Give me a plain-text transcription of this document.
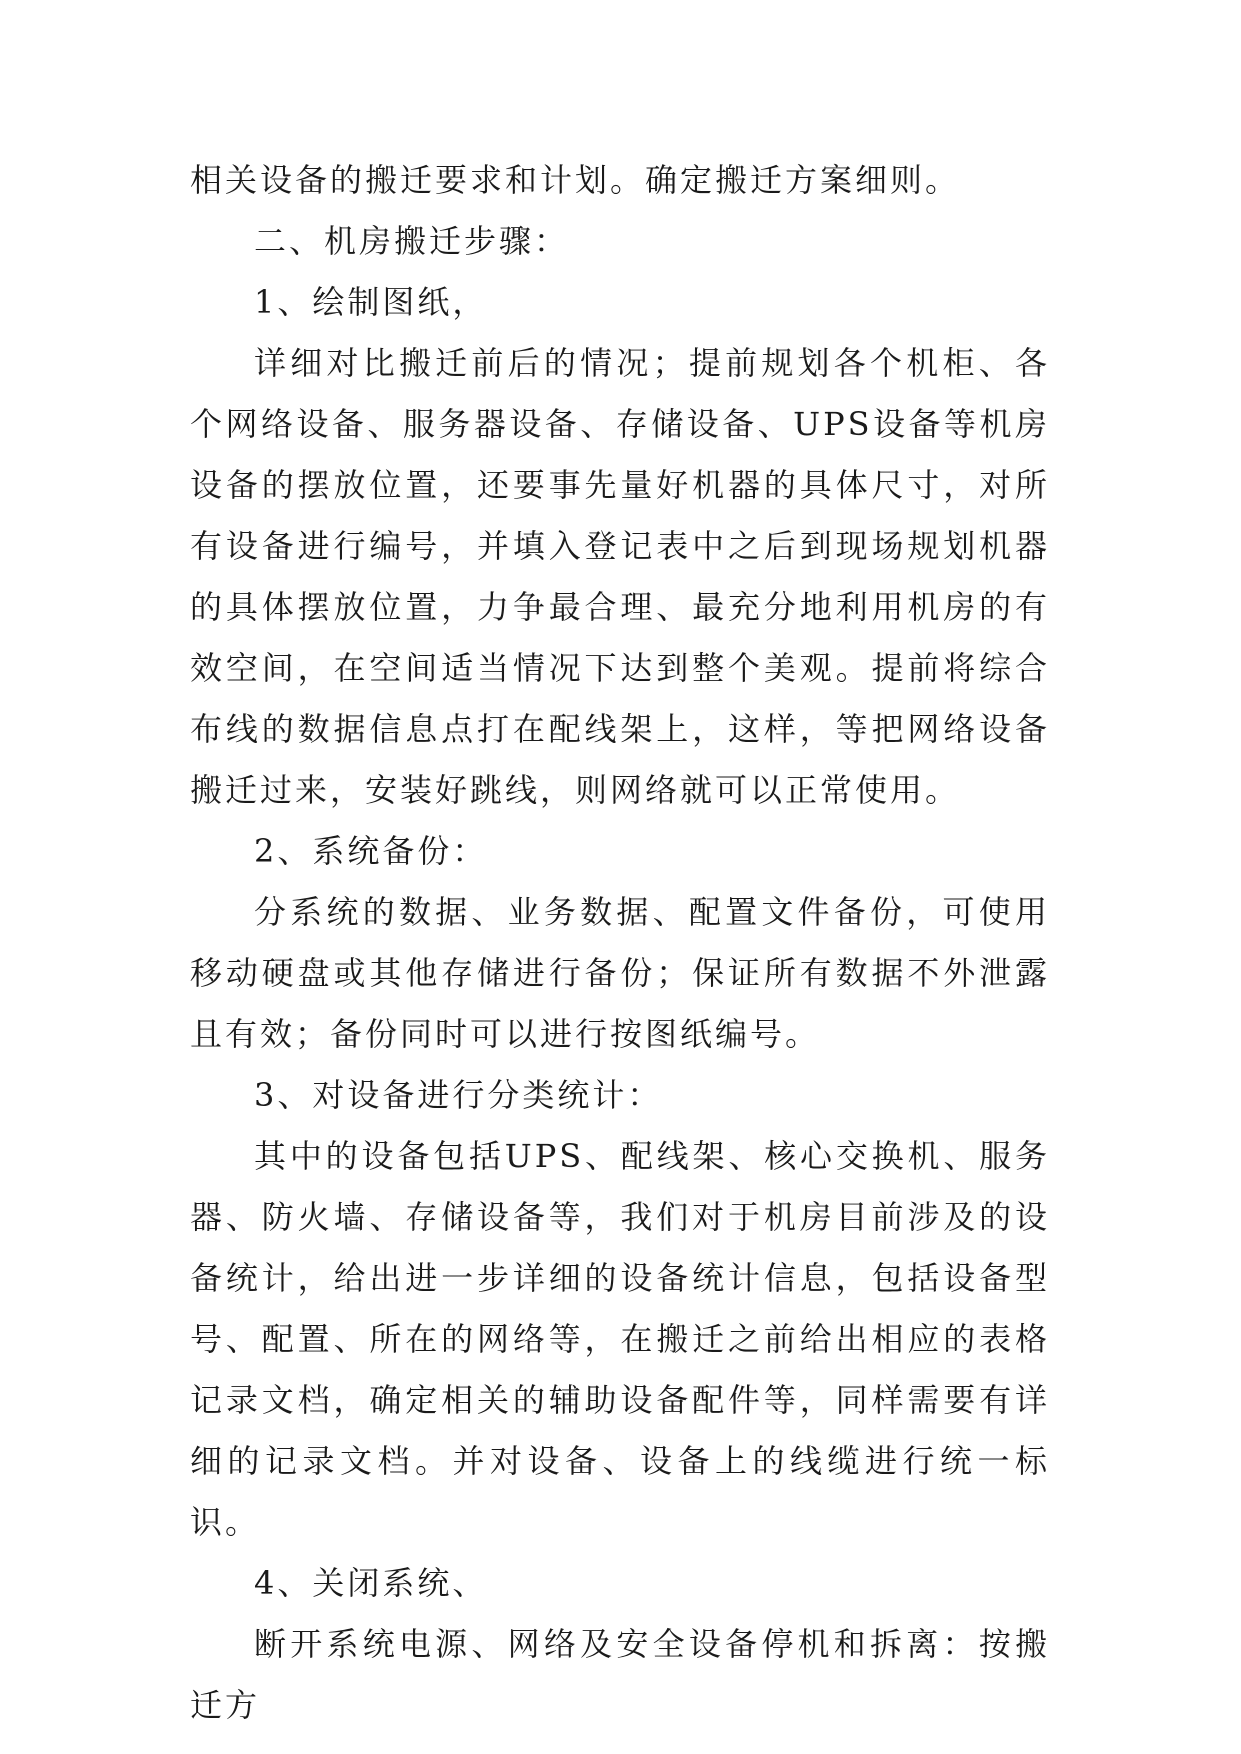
相关设备的搬迁要求和计划。确定搬迁方案细则。

二、机房搬迁步骤：

1、绘制图纸，

详细对比搬迁前后的情况；提前规划各个机柜、各个网络设备、服务器设备、存储设备、UPS设备等机房设备的摆放位置，还要事先量好机器的具体尺寸，对所有设备进行编号，并填入登记表中之后到现场规划机器的具体摆放位置，力争最合理、最充分地利用机房的有效空间，在空间适当情况下达到整个美观。提前将综合布线的数据信息点打在配线架上，这样，等把网络设备搬迁过来，安装好跳线，则网络就可以正常使用。

2、系统备份：

分系统的数据、业务数据、配置文件备份，可使用移动硬盘或其他存储进行备份；保证所有数据不外泄露且有效；备份同时可以进行按图纸编号。

3、对设备进行分类统计：

其中的设备包括UPS、配线架、核心交换机、服务器、防火墙、存储设备等，我们对于机房目前涉及的设备统计，给出进一步详细的设备统计信息，包括设备型号、配置、所在的网络等，在搬迁之前给出相应的表格记录文档，确定相关的辅助设备配件等，同样需要有详细的记录文档。并对设备、设备上的线缆进行统一标识。

4、关闭系统、

断开系统电源、网络及安全设备停机和拆离：按搬迁方
